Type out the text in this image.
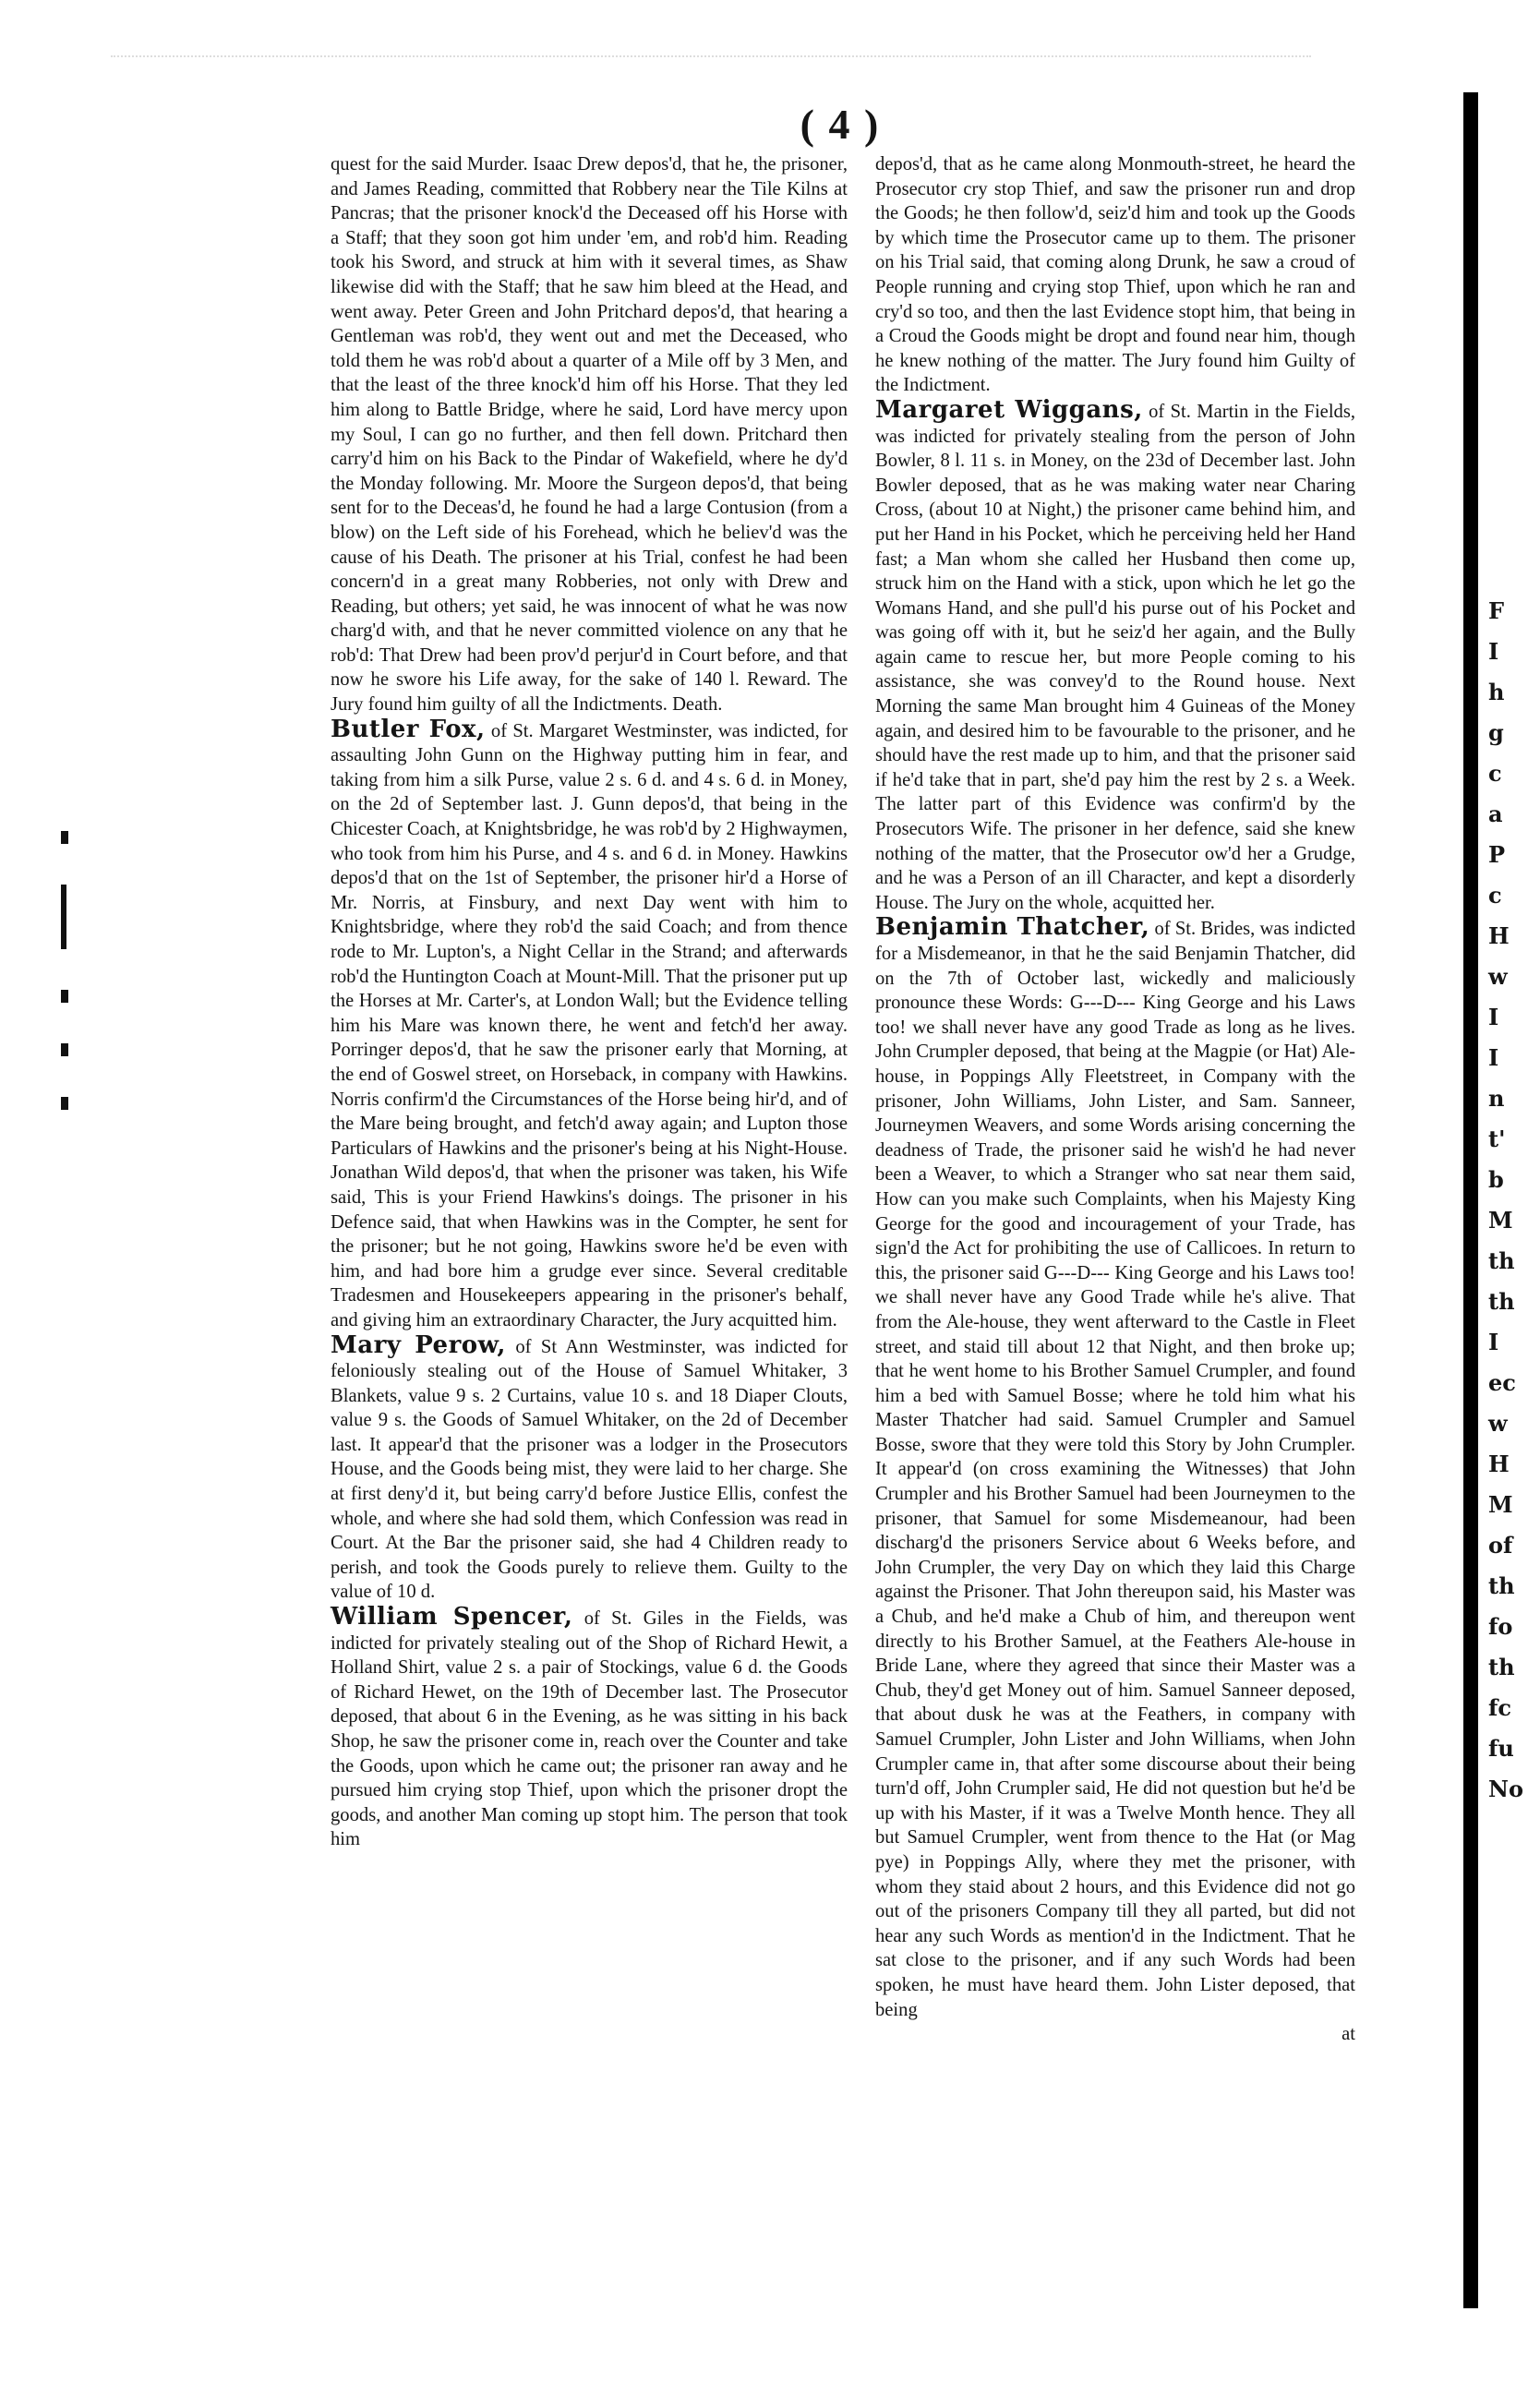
( 4 )

quest for the said Murder. Isaac Drew depos'd, that he, the prisoner, and James Reading, committed that Robbery near the Tile Kilns at Pancras; that the prisoner knock'd the Deceased off his Horse with a Staff; that they soon got him under 'em, and rob'd him. Reading took his Sword, and struck at him with it several times, as Shaw likewise did with the Staff; that he saw him bleed at the Head, and went away. Peter Green and John Pritchard depos'd, that hearing a Gentleman was rob'd, they went out and met the Deceased, who told them he was rob'd about a quarter of a Mile off by 3 Men, and that the least of the three knock'd him off his Horse. That they led him along to Battle Bridge, where he said, Lord have mercy upon my Soul, I can go no further, and then fell down. Pritchard then carry'd him on his Back to the Pindar of Wakefield, where he dy'd the Monday following. Mr. Moore the Surgeon depos'd, that being sent for to the Deceas'd, he found he had a large Contusion (from a blow) on the Left side of his Forehead, which he believ'd was the cause of his Death. The prisoner at his Trial, confest he had been concern'd in a great many Robberies, not only with Drew and Reading, but others; yet said, he was innocent of what he was now charg'd with, and that he never committed violence on any that he rob'd: That Drew had been prov'd perjur'd in Court before, and that now he swore his Life away, for the sake of 140 l. Reward. The Jury found him guilty of all the Indictments. Death.

Butler Fox, of St. Margaret Westminster, was indicted, for assaulting John Gunn on the Highway putting him in fear, and taking from him a silk Purse, value 2 s. 6 d. and 4 s. 6 d. in Money, on the 2d of September last. J. Gunn depos'd, that being in the Chicester Coach, at Knightsbridge, he was rob'd by 2 Highwaymen, who took from him his Purse, and 4 s. and 6 d. in Money. Hawkins depos'd that on the 1st of September, the prisoner hir'd a Horse of Mr. Norris, at Finsbury, and next Day went with him to Knightsbridge, where they rob'd the said Coach; and from thence rode to Mr. Lupton's, a Night Cellar in the Strand; and afterwards rob'd the Huntington Coach at Mount-Mill. That the prisoner put up the Horses at Mr. Carter's, at London Wall; but the Evidence telling him his Mare was known there, he went and fetch'd her away. Porringer depos'd, that he saw the prisoner early that Morning, at the end of Goswel street, on Horseback, in company with Hawkins. Norris confirm'd the Circumstances of the Horse being hir'd, and of the Mare being brought, and fetch'd away again; and Lupton those Particulars of Hawkins and the prisoner's being at his Night-House. Jonathan Wild depos'd, that when the prisoner was taken, his Wife said, This is your Friend Hawkins's doings. The prisoner in his Defence said, that when Hawkins was in the Compter, he sent for the prisoner; but he not going, Hawkins swore he'd be even with him, and had bore him a grudge ever since. Several creditable Tradesmen and Housekeepers appearing in the prisoner's behalf, and giving him an extraordinary Character, the Jury acquitted him.

Mary Perow, of St Ann Westminster, was indicted for feloniously stealing out of the House of Samuel Whitaker, 3 Blankets, value 9 s. 2 Curtains, value 10 s. and 18 Diaper Clouts, value 9 s. the Goods of Samuel Whitaker, on the 2d of December last. It appear'd that the prisoner was a lodger in the Prosecutors House, and the Goods being mist, they were laid to her charge. She at first deny'd it, but being carry'd before Justice Ellis, confest the whole, and where she had sold them, which Confession was read in Court. At the Bar the prisoner said, she had 4 Children ready to perish, and took the Goods purely to relieve them. Guilty to the value of 10 d.

William Spencer, of St. Giles in the Fields, was indicted for privately stealing out of the Shop of Richard Hewit, a Holland Shirt, value 2 s. a pair of Stockings, value 6 d. the Goods of Richard Hewet, on the 19th of December last. The Prosecutor deposed, that about 6 in the Evening, as he was sitting in his back Shop, he saw the prisoner come in, reach over the Counter and take the Goods, upon which he came out; the prisoner ran away and he pursued him crying stop Thief, upon which the prisoner dropt the goods, and another Man coming up stopt him. The person that took him

depos'd, that as he came along Monmouth-street, he heard the Prosecutor cry stop Thief, and saw the prisoner run and drop the Goods; he then follow'd, seiz'd him and took up the Goods by which time the Prosecutor came up to them. The prisoner on his Trial said, that coming along Drunk, he saw a croud of People running and crying stop Thief, upon which he ran and cry'd so too, and then the last Evidence stopt him, that being in a Croud the Goods might be dropt and found near him, though he knew nothing of the matter. The Jury found him Guilty of the Indictment.

Margaret Wiggans, of St. Martin in the Fields, was indicted for privately stealing from the person of John Bowler, 8 l. 11 s. in Money, on the 23d of December last. John Bowler deposed, that as he was making water near Charing Cross, (about 10 at Night,) the prisoner came behind him, and put her Hand in his Pocket, which he perceiving held her Hand fast; a Man whom she called her Husband then come up, struck him on the Hand with a stick, upon which he let go the Womans Hand, and she pull'd his purse out of his Pocket and was going off with it, but he seiz'd her again, and the Bully again came to rescue her, but more People coming to his assistance, she was convey'd to the Round house. Next Morning the same Man brought him 4 Guineas of the Money again, and desired him to be favourable to the prisoner, and he should have the rest made up to him, and that the prisoner said if he'd take that in part, she'd pay him the rest by 2 s. a Week. The latter part of this Evidence was confirm'd by the Prosecutors Wife. The prisoner in her defence, said she knew nothing of the matter, that the Prosecutor ow'd her a Grudge, and he was a Person of an ill Character, and kept a disorderly House. The Jury on the whole, acquitted her.

Benjamin Thatcher, of St. Brides, was indicted for a Misdemeanor, in that he the said Benjamin Thatcher, did on the 7th of October last, wickedly and maliciously pronounce these Words: G---D--- King George and his Laws too! we shall never have any good Trade as long as he lives. John Crumpler deposed, that being at the Magpie (or Hat) Ale-house, in Poppings Ally Fleetstreet, in Company with the prisoner, John Williams, John Lister, and Sam. Sanneer, Journeymen Weavers, and some Words arising concerning the deadness of Trade, the prisoner said he wish'd he had never been a Weaver, to which a Stranger who sat near them said, How can you make such Complaints, when his Majesty King George for the good and incouragement of your Trade, has sign'd the Act for prohibiting the use of Callicoes. In return to this, the prisoner said G---D--- King George and his Laws too! we shall never have any Good Trade while he's alive. That from the Ale-house, they went afterward to the Castle in Fleet street, and staid till about 12 that Night, and then broke up; that he went home to his Brother Samuel Crumpler, and found him a bed with Samuel Bosse; where he told him what his Master Thatcher had said. Samuel Crumpler and Samuel Bosse, swore that they were told this Story by John Crumpler. It appear'd (on cross examining the Witnesses) that John Crumpler and his Brother Samuel had been Journeymen to the prisoner, that Samuel for some Misdemeanour, had been discharg'd the prisoners Service about 6 Weeks before, and John Crumpler, the very Day on which they laid this Charge against the Prisoner. That John thereupon said, his Master was a Chub, and he'd make a Chub of him, and thereupon went directly to his Brother Samuel, at the Feathers Ale-house in Bride Lane, where they agreed that since their Master was a Chub, they'd get Money out of him. Samuel Sanneer deposed, that about dusk he was at the Feathers, in company with Samuel Crumpler, John Lister and John Williams, when John Crumpler came in, that after some discourse about their being turn'd off, John Crumpler said, He did not question but he'd be up with his Master, if it was a Twelve Month hence. They all but Samuel Crumpler, went from thence to the Hat (or Mag pye) in Poppings Ally, where they met the prisoner, with whom they staid about 2 hours, and this Evidence did not go out of the prisoners Company till they all parted, but did not hear any such Words as mention'd in the Indictment. That he sat close to the prisoner, and if any such Words had been spoken, he must have heard them. John Lister deposed, that being

at

F
I
h
g
c
a
P
c
H
w
I
I
n
t'
b
M
th
th
I
ec
w
H
M
of
th
fo
th
fc
fu
No
